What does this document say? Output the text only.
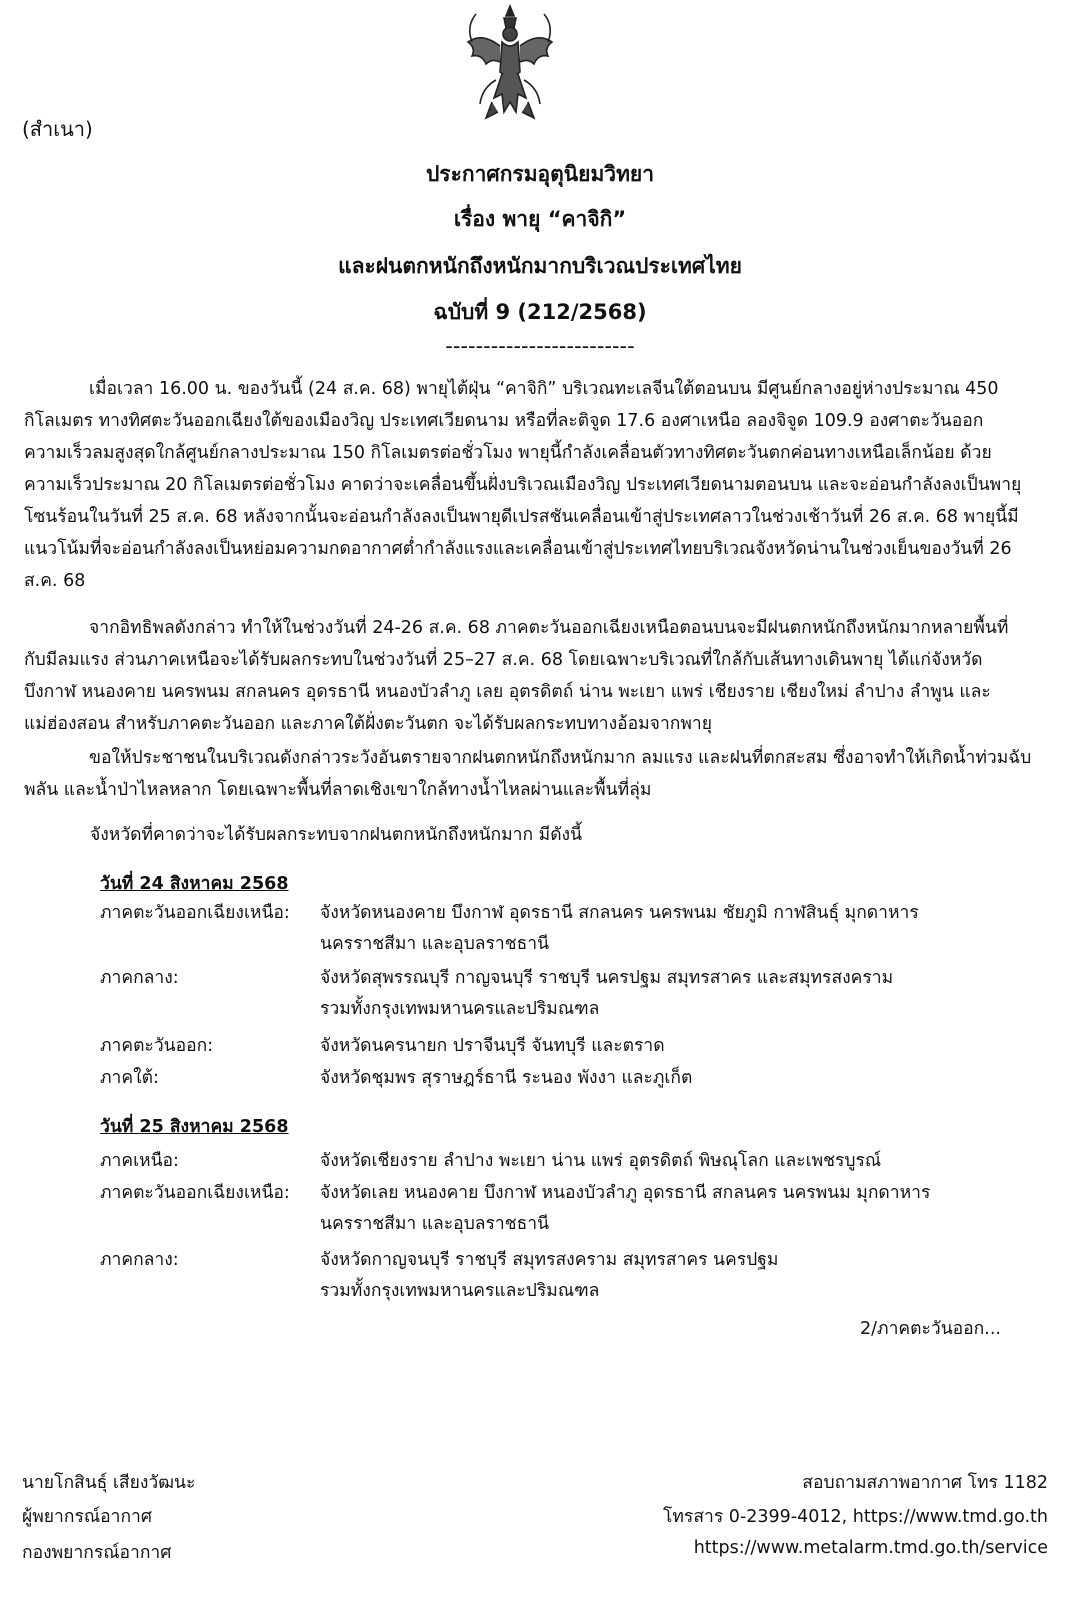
(สำเนา)
ประกาศกรมอุตุนิยมวิทยา
เรื่อง พายุ “คาจิกิ”
และฝนตกหนักถึงหนักมากบริเวณประเทศไทย
ฉบับที่ 9 (212/2568)
-------------------------

เมื่อเวลา 16.00 น. ของวันนี้ (24 ส.ค. 68) พายุไต้ฝุ่น “คาจิกิ” บริเวณทะเลจีนใต้ตอนบน มีศูนย์กลางอยู่ห่างประมาณ 450 กิโลเมตร ทางทิศตะวันออกเฉียงใต้ของเมืองวิญ ประเทศเวียดนาม หรือที่ละติจูด 17.6 องศาเหนือ ลองจิจูด 109.9 องศาตะวันออก ความเร็วลมสูงสุดใกล้ศูนย์กลางประมาณ 150 กิโลเมตรต่อชั่วโมง พายุนี้กำลังเคลื่อนตัวทางทิศตะวันตกค่อนทางเหนือเล็กน้อย ด้วยความเร็วประมาณ 20 กิโลเมตรต่อชั่วโมง คาดว่าจะเคลื่อนขึ้นฝั่งบริเวณเมืองวิญ ประเทศเวียดนามตอนบน และจะอ่อนกำลังลงเป็นพายุโซนร้อนในวันที่ 25 ส.ค. 68 หลังจากนั้นจะอ่อนกำลังลงเป็นพายุดีเปรสชันเคลื่อนเข้าสู่ประเทศลาวในช่วงเช้าวันที่ 26 ส.ค. 68 พายุนี้มีแนวโน้มที่จะอ่อนกำลังลงเป็นหย่อมความกดอากาศต่ำกำลังแรงและเคลื่อนเข้าสู่ประเทศไทยบริเวณจังหวัดน่านในช่วงเย็นของวันที่ 26 ส.ค. 68

จากอิทธิพลดังกล่าว ทำให้ในช่วงวันที่ 24-26 ส.ค. 68 ภาคตะวันออกเฉียงเหนือตอนบนจะมีฝนตกหนักถึงหนักมากหลายพื้นที่ กับมีลมแรง ส่วนภาคเหนือจะได้รับผลกระทบในช่วงวันที่ 25–27 ส.ค. 68 โดยเฉพาะบริเวณที่ใกล้กับเส้นทางเดินพายุ ได้แก่จังหวัดบึงกาฬ หนองคาย นครพนม สกลนคร อุดรธานี หนองบัวลำภู เลย อุตรดิตถ์ น่าน พะเยา แพร่ เชียงราย เชียงใหม่ ลำปาง ลำพูน และแม่ฮ่องสอน สำหรับภาคตะวันออก และภาคใต้ฝั่งตะวันตก จะได้รับผลกระทบทางอ้อมจากพายุ

ขอให้ประชาชนในบริเวณดังกล่าวระวังอันตรายจากฝนตกหนักถึงหนักมาก ลมแรง และฝนที่ตกสะสม ซึ่งอาจทำให้เกิดน้ำท่วมฉับพลัน และน้ำป่าไหลหลาก โดยเฉพาะพื้นที่ลาดเชิงเขาใกล้ทางน้ำไหลผ่านและพื้นที่ลุ่ม

จังหวัดที่คาดว่าจะได้รับผลกระทบจากฝนตกหนักถึงหนักมาก มีดังนี้
วันที่ 24 สิงหาคม 2568
ภาคตะวันออกเฉียงเหนือ:	จังหวัดหนองคาย บึงกาฬ อุดรธานี สกลนคร นครพนม ชัยภูมิ กาฬสินธุ์ มุกดาหาร
นครราชสีมา และอุบลราชธานี
ภาคกลาง:	จังหวัดสุพรรณบุรี กาญจนบุรี ราชบุรี นครปฐม สมุทรสาคร และสมุทรสงคราม
รวมทั้งกรุงเทพมหานครและปริมณฑล
ภาคตะวันออก:	จังหวัดนครนายก ปราจีนบุรี จันทบุรี และตราด
ภาคใต้:	จังหวัดชุมพร สุราษฎร์ธานี ระนอง พังงา และภูเก็ต
วันที่ 25 สิงหาคม 2568
ภาคเหนือ:	จังหวัดเชียงราย ลำปาง พะเยา น่าน แพร่ อุตรดิตถ์ พิษณุโลก และเพชรบูรณ์
ภาคตะวันออกเฉียงเหนือ:	จังหวัดเลย หนองคาย บึงกาฬ หนองบัวลำภู อุดรธานี สกลนคร นครพนม มุกดาหาร
นครราชสีมา และอุบลราชธานี
ภาคกลาง:	จังหวัดกาญจนบุรี ราชบุรี สมุทรสงคราม สมุทรสาคร นครปฐม
รวมทั้งกรุงเทพมหานครและปริมณฑล
2/ภาคตะวันออก...
นายโกสินธุ์ เสียงวัฒนะ
ผู้พยากรณ์อากาศ
กองพยากรณ์อากาศ
สอบถามสภาพอากาศ โทร 1182
โทรสาร 0-2399-4012, https://www.tmd.go.th
https://www.metalarm.tmd.go.th/service
